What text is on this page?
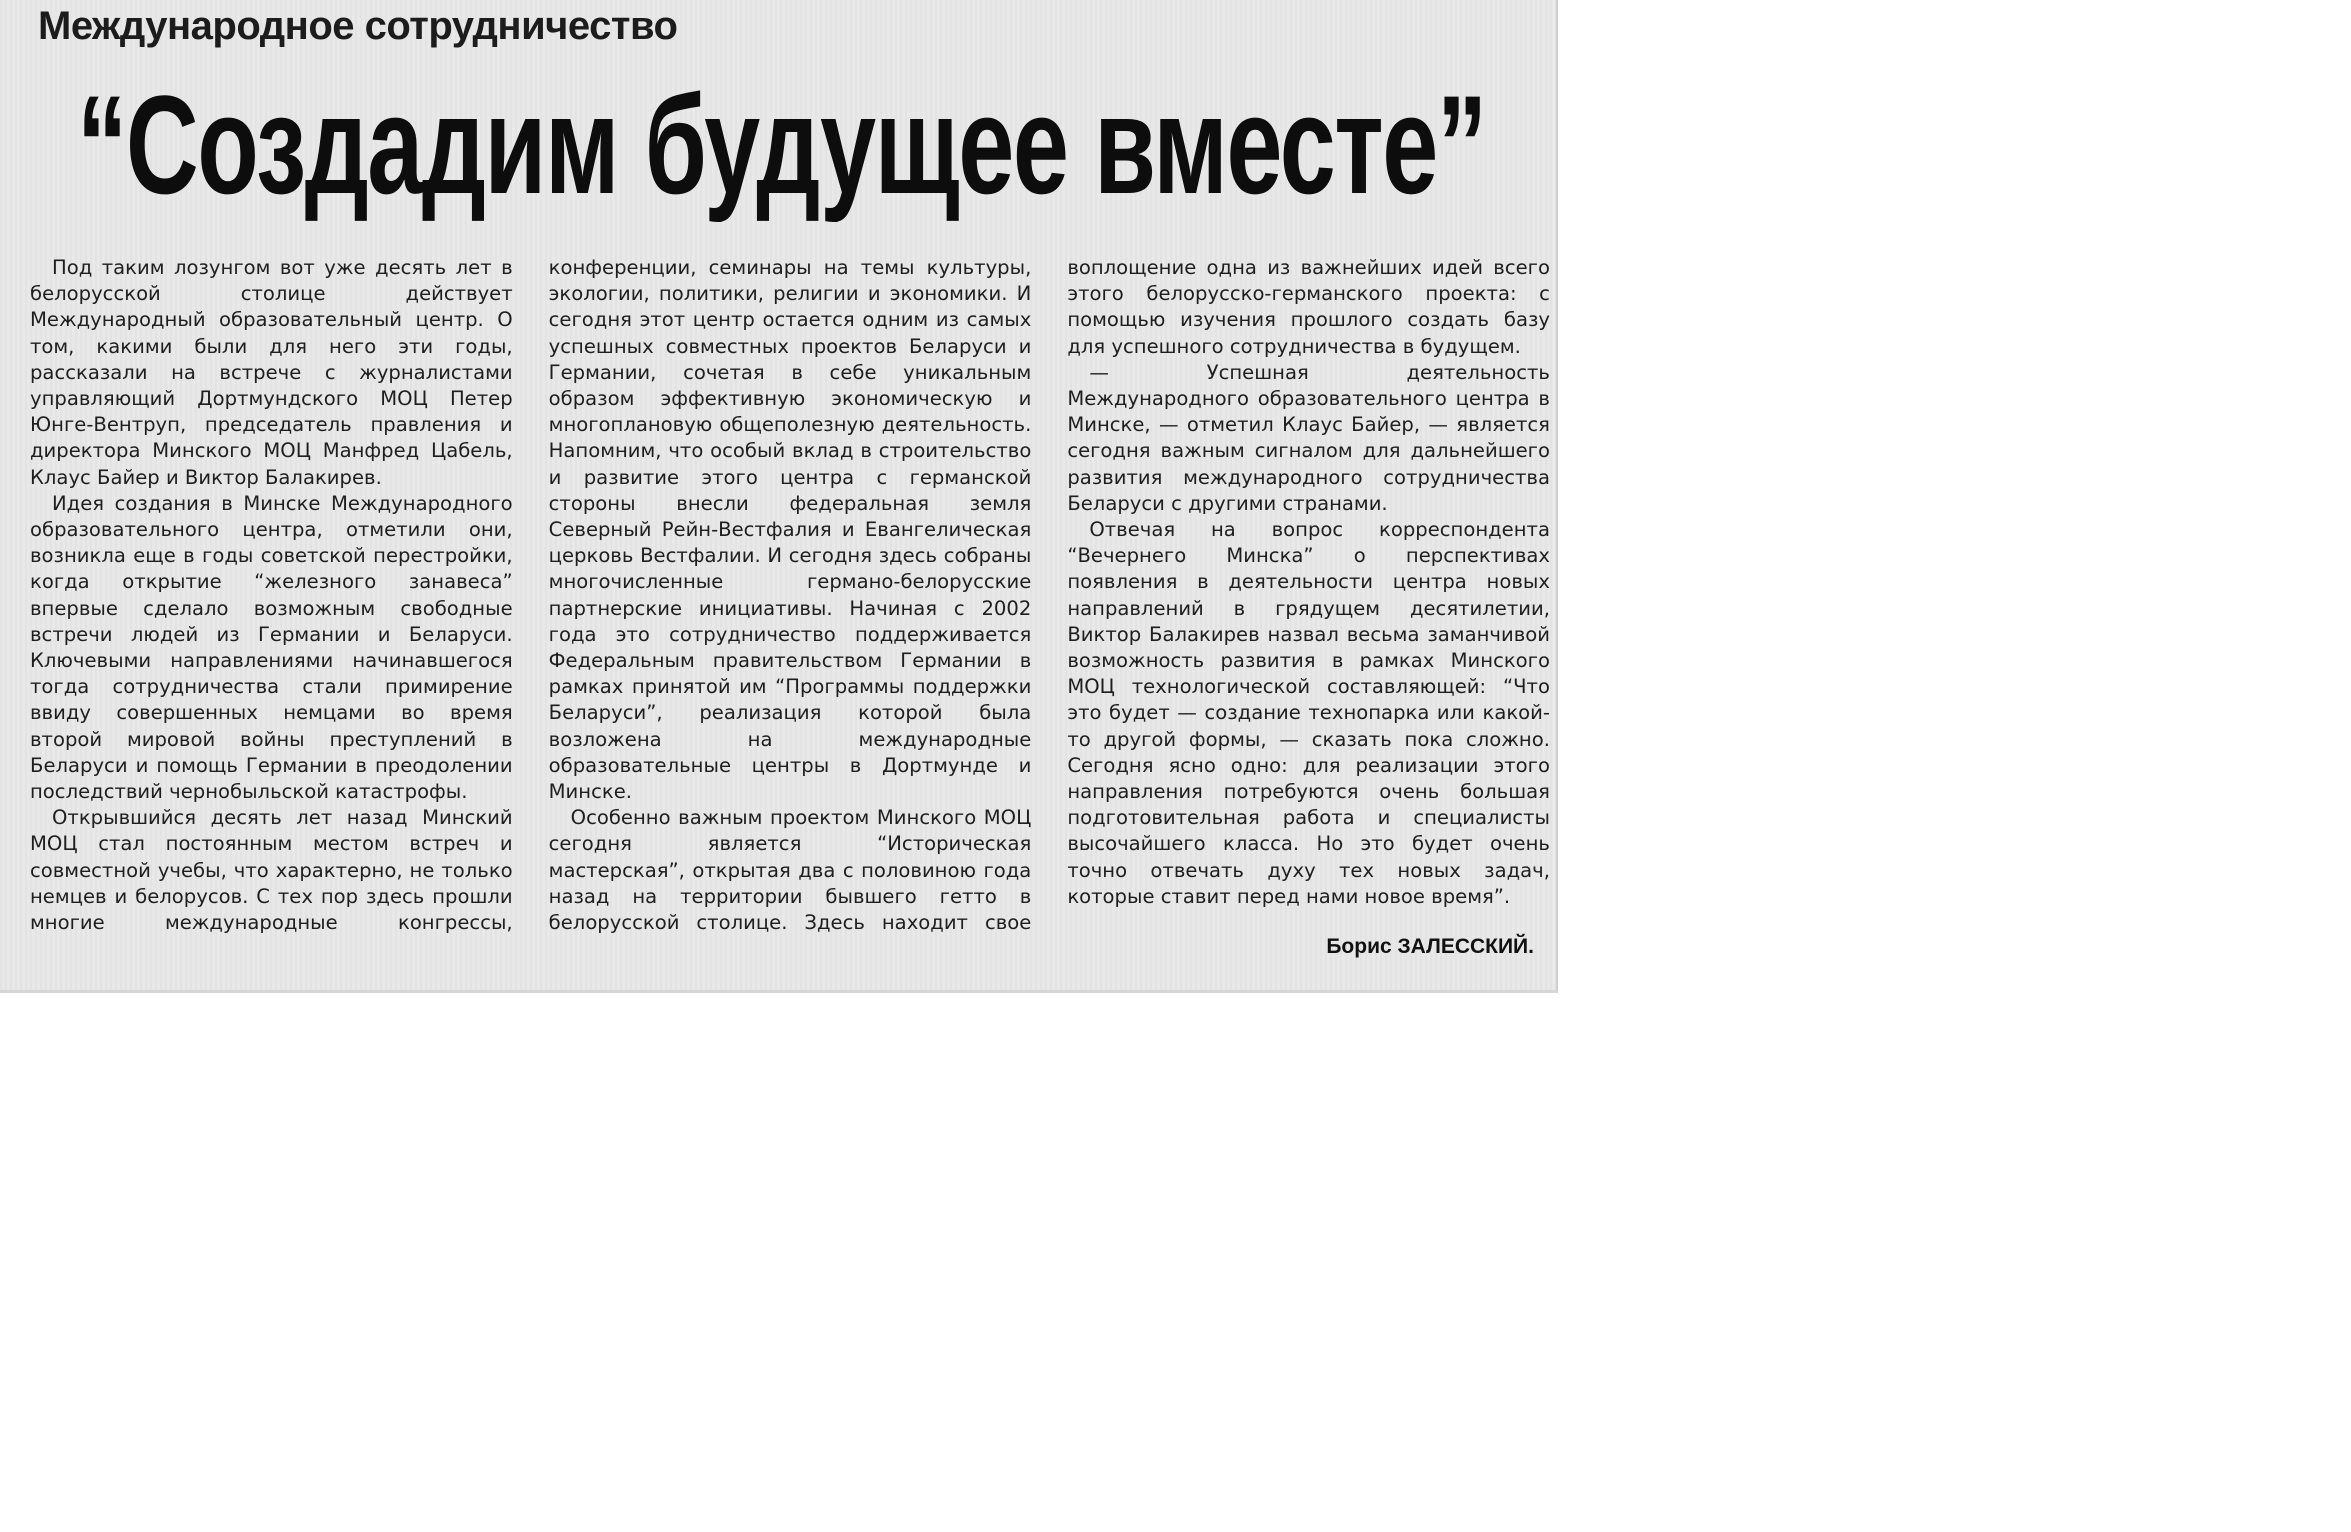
Международное сотрудничество
“Создадим будущее вместе”

Под таким лозунгом вот уже десять лет в белорусской столице действует Международный образовательный центр. О том, какими были для него эти годы, рассказали на встрече с журналистами управляющий Дортмундского МОЦ Петер Юнге-Вентруп, председатель правления и директора Минского МОЦ Манфред Цабель, Клаус Байер и Виктор Балакирев.

Идея создания в Минске Международного образовательного центра, отметили они, возникла еще в годы советской перестройки, когда открытие “железного занавеса” впервые сделало возможным свободные встречи людей из Германии и Беларуси. Ключевыми направлениями начинавшегося тогда сотрудничества стали примирение ввиду совершенных немцами во время второй мировой войны преступлений в Беларуси и помощь Германии в преодолении последствий чернобыльской катастрофы.

Открывшийся десять лет назад Минский МОЦ стал постоянным местом встреч и совместной учебы, что характерно, не только немцев и белорусов. С тех пор здесь прошли многие международные конгрессы, конференции, семинары на темы культуры, экологии, политики, религии и экономики. И сегодня этот центр остается одним из самых успешных совместных проектов Беларуси и Германии, сочетая в себе уникальным образом эффективную экономическую и многоплановую общеполезную деятельность. Напомним, что особый вклад в строительство и развитие этого центра с германской стороны внесли федеральная земля Северный Рейн-Вестфалия и Евангелическая церковь Вестфалии. И сегодня здесь собраны многочисленные германо-белорусские партнерские инициативы. Начиная с 2002 года это сотрудничество поддерживается Федеральным правительством Германии в рамках принятой им “Программы поддержки Беларуси”, реализация которой была возложена на международные образовательные центры в Дортмунде и Минске.

Особенно важным проектом Минского МОЦ сегодня является “Историческая мастерская”, открытая два с половиною года назад на территории бывшего гетто в белорусской столице. Здесь находит свое воплощение одна из важнейших идей всего этого белорусско-германского проекта: с помощью изучения прошлого создать базу для успешного сотрудничества в будущем.

— Успешная деятельность Международного образовательного центра в Минске, — отметил Клаус Байер, — является сегодня важным сигналом для дальнейшего развития международного сотрудничества Беларуси с другими странами.

Отвечая на вопрос корреспондента “Вечернего Минска” о перспективах появления в деятельности центра новых направлений в грядущем десятилетии, Виктор Балакирев назвал весьма заманчивой возможность развития в рамках Минского МОЦ технологической составляющей: “Что это будет — создание технопарка или какой-то другой формы, — сказать пока сложно. Сегодня ясно одно: для реализации этого направления потребуются очень большая подготовительная работа и специалисты высочайшего класса. Но это будет очень точно отвечать духу тех новых задач, которые ставит перед нами новое время”.

Борис ЗАЛЕССКИЙ.
